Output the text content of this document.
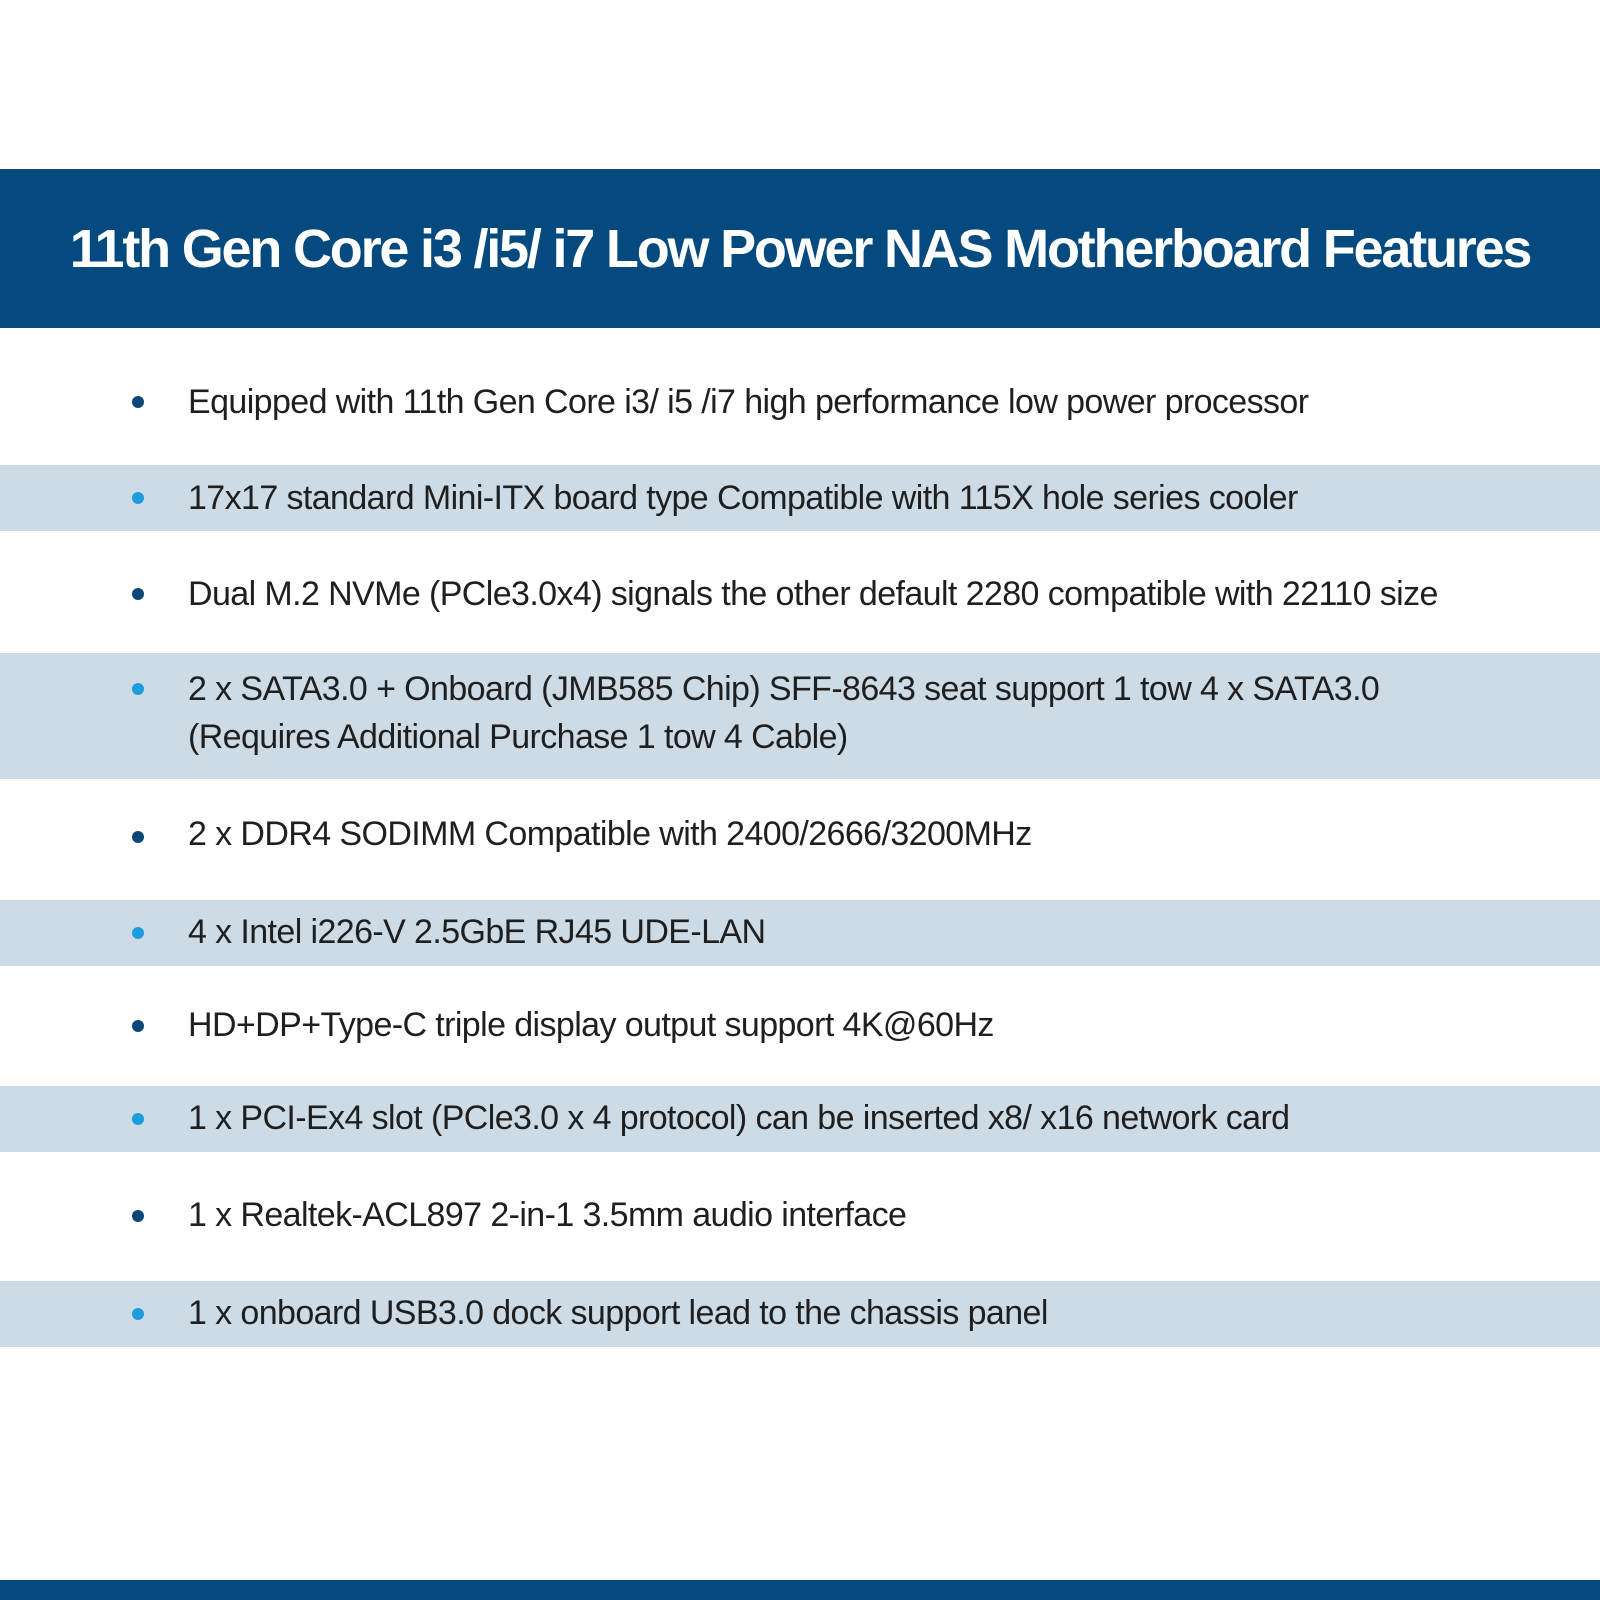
11th Gen Core i3 /i5/ i7 Low Power NAS Motherboard Features
Equipped with 11th Gen Core i3/ i5 /i7 high performance low power processor
17x17 standard Mini-ITX board type Compatible with 115X hole series cooler
Dual M.2 NVMe (PCle3.0x4) signals the other default 2280 compatible with 22110 size
2 x SATA3.0 + Onboard (JMB585 Chip) SFF-8643 seat support 1 tow 4 x SATA3.0
(Requires Additional Purchase 1 tow 4 Cable)
2 x DDR4 SODIMM Compatible with 2400/2666/3200MHz
4 x Intel i226-V 2.5GbE RJ45 UDE-LAN
HD+DP+Type-C triple display output support 4K@60Hz
1 x PCI-Ex4 slot (PCle3.0 x 4 protocol) can be inserted x8/ x16 network card
1 x Realtek-ACL897 2-in-1 3.5mm audio interface
1 x onboard USB3.0 dock support lead to the chassis panel
